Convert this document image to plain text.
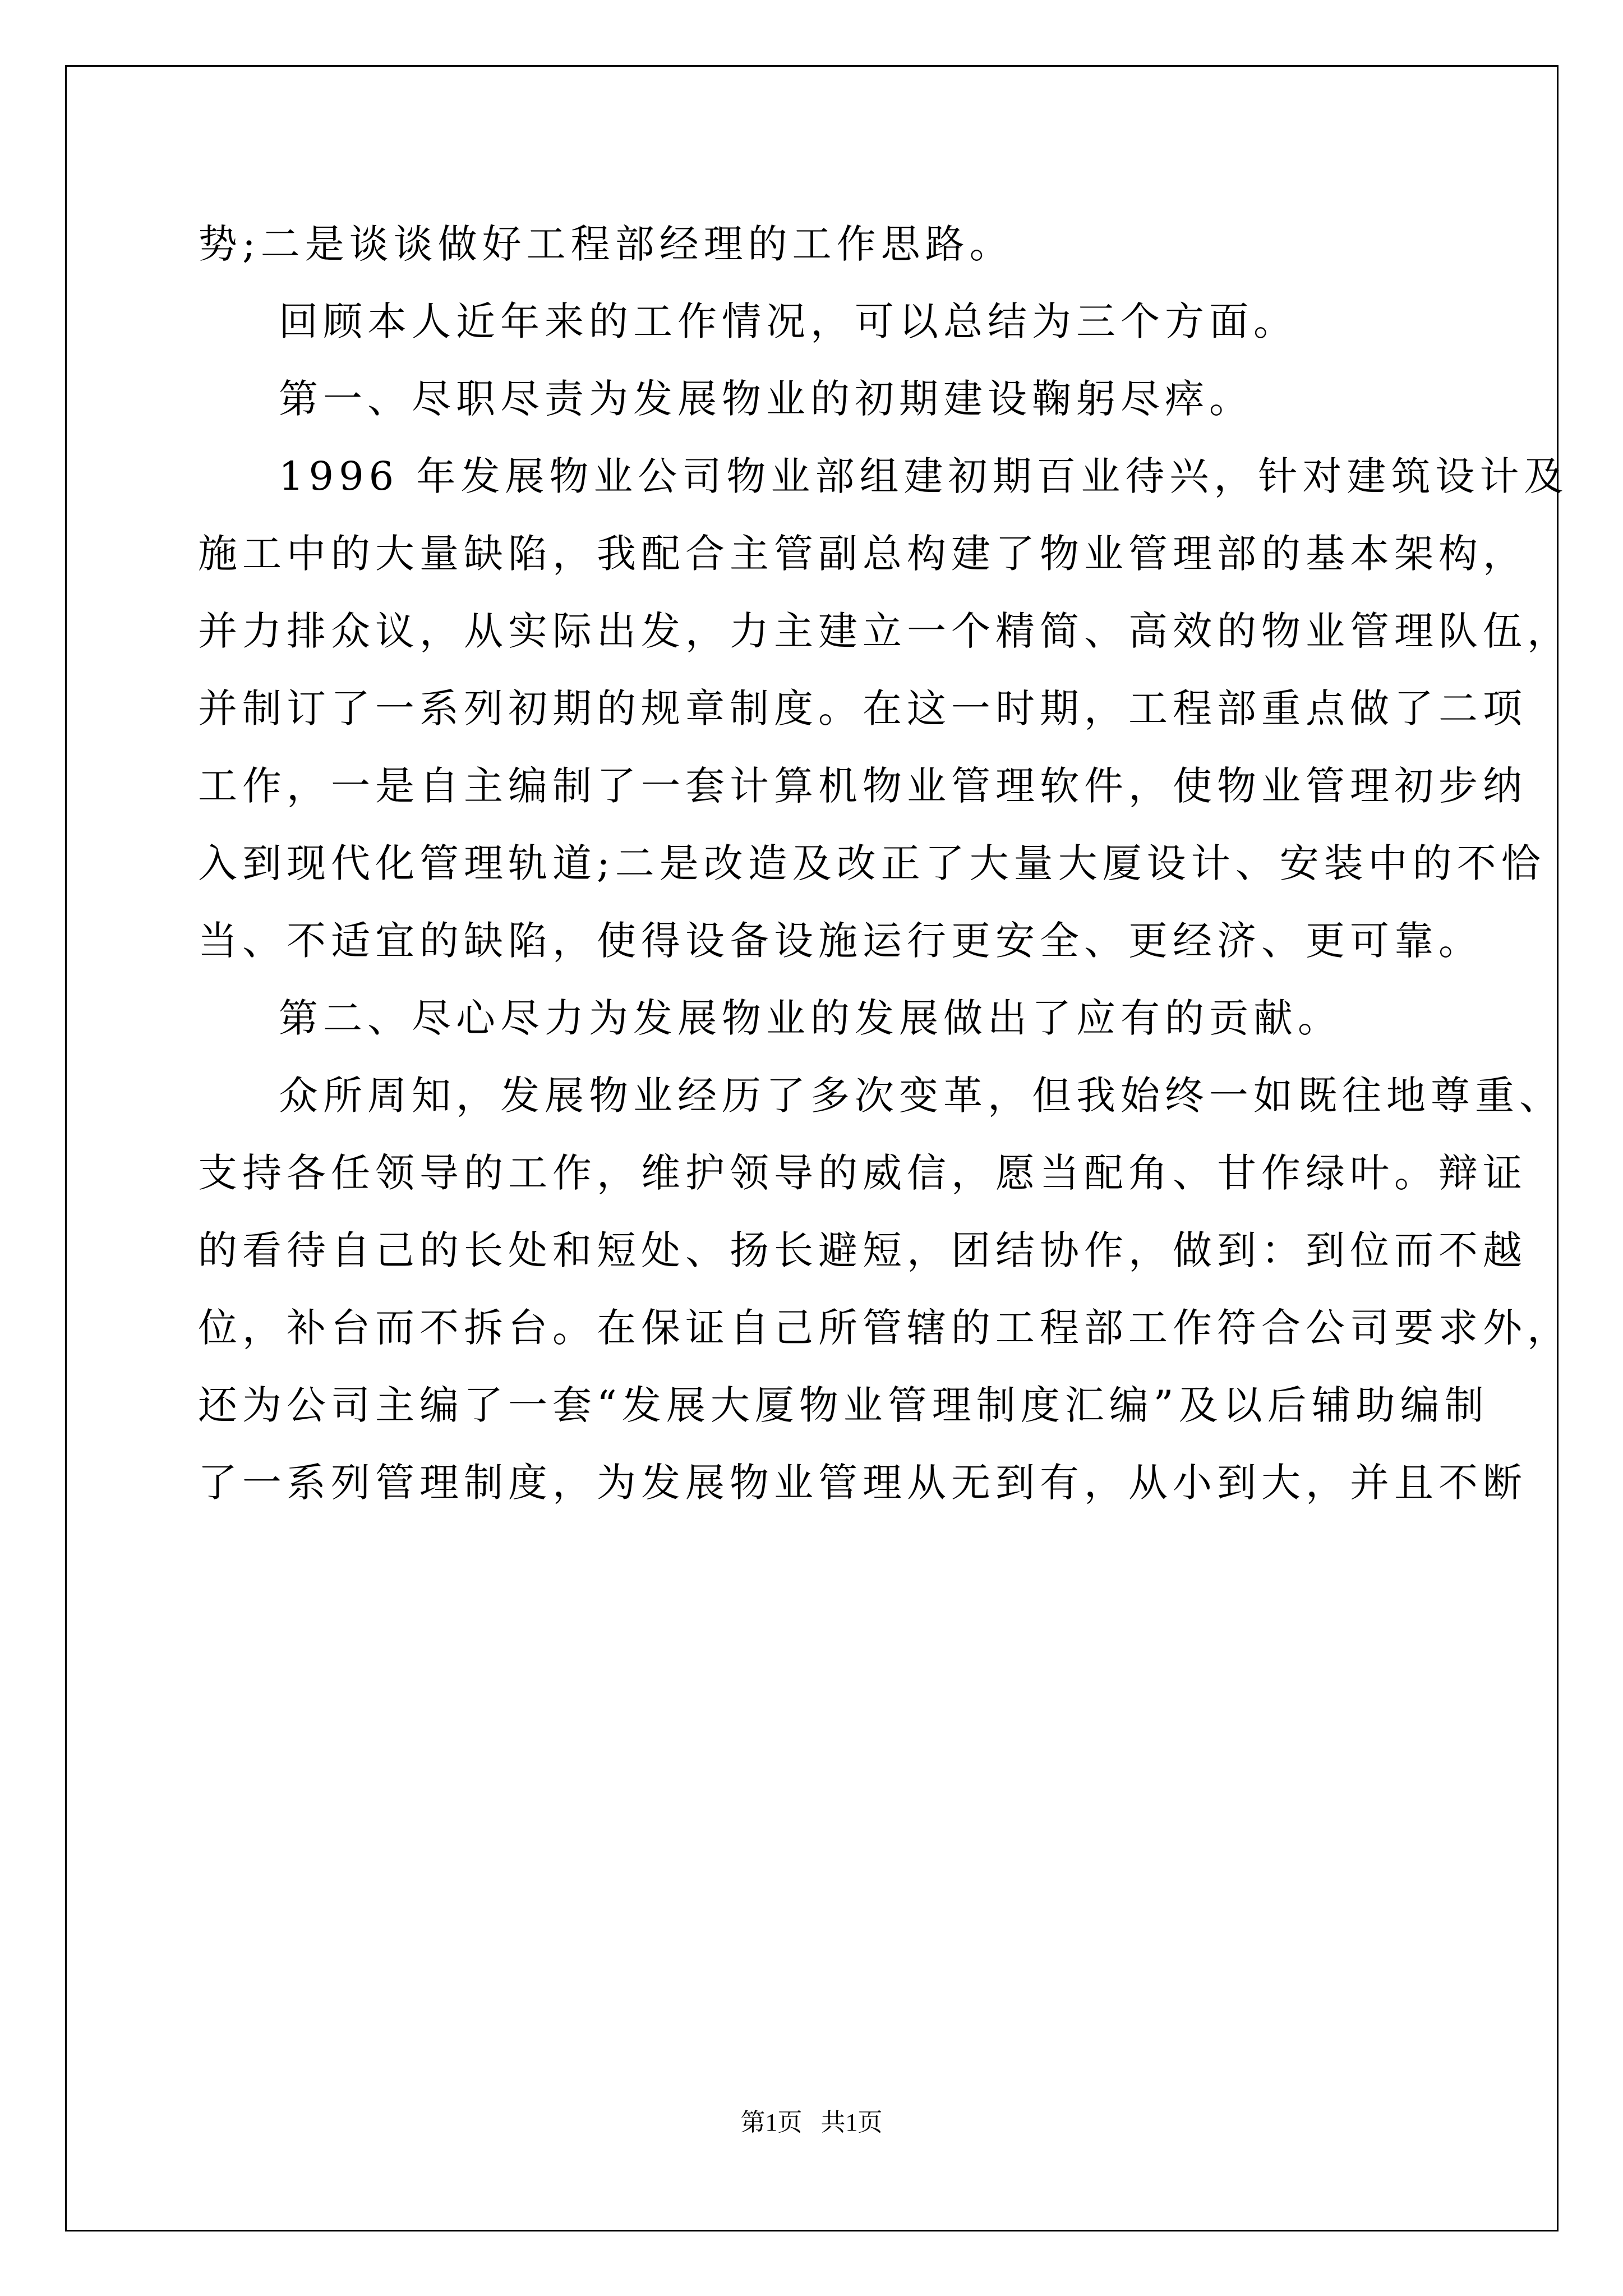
势;二是谈谈做好工程部经理的工作思路。
回顾本人近年来的工作情况，可以总结为三个方面。
第一、尽职尽责为发展物业的初期建设鞠躬尽瘁。
1996 年发展物业公司物业部组建初期百业待兴，针对建筑设计及
施工中的大量缺陷，我配合主管副总构建了物业管理部的基本架构，
并力排众议，从实际出发，力主建立一个精简、高效的物业管理队伍，
并制订了一系列初期的规章制度。在这一时期，工程部重点做了二项
工作，一是自主编制了一套计算机物业管理软件，使物业管理初步纳
入到现代化管理轨道;二是改造及改正了大量大厦设计、安装中的不恰
当、不适宜的缺陷，使得设备设施运行更安全、更经济、更可靠。
第二、尽心尽力为发展物业的发展做出了应有的贡献。
众所周知，发展物业经历了多次变革，但我始终一如既往地尊重、
支持各任领导的工作，维护领导的威信，愿当配角、甘作绿叶。辩证
的看待自己的长处和短处、扬长避短，团结协作，做到：到位而不越
位，补台而不拆台。在保证自己所管辖的工程部工作符合公司要求外，
还为公司主编了一套“发展大厦物业管理制度汇编”及以后辅助编制
了一系列管理制度，为发展物业管理从无到有，从小到大，并且不断
第1页   共1页
